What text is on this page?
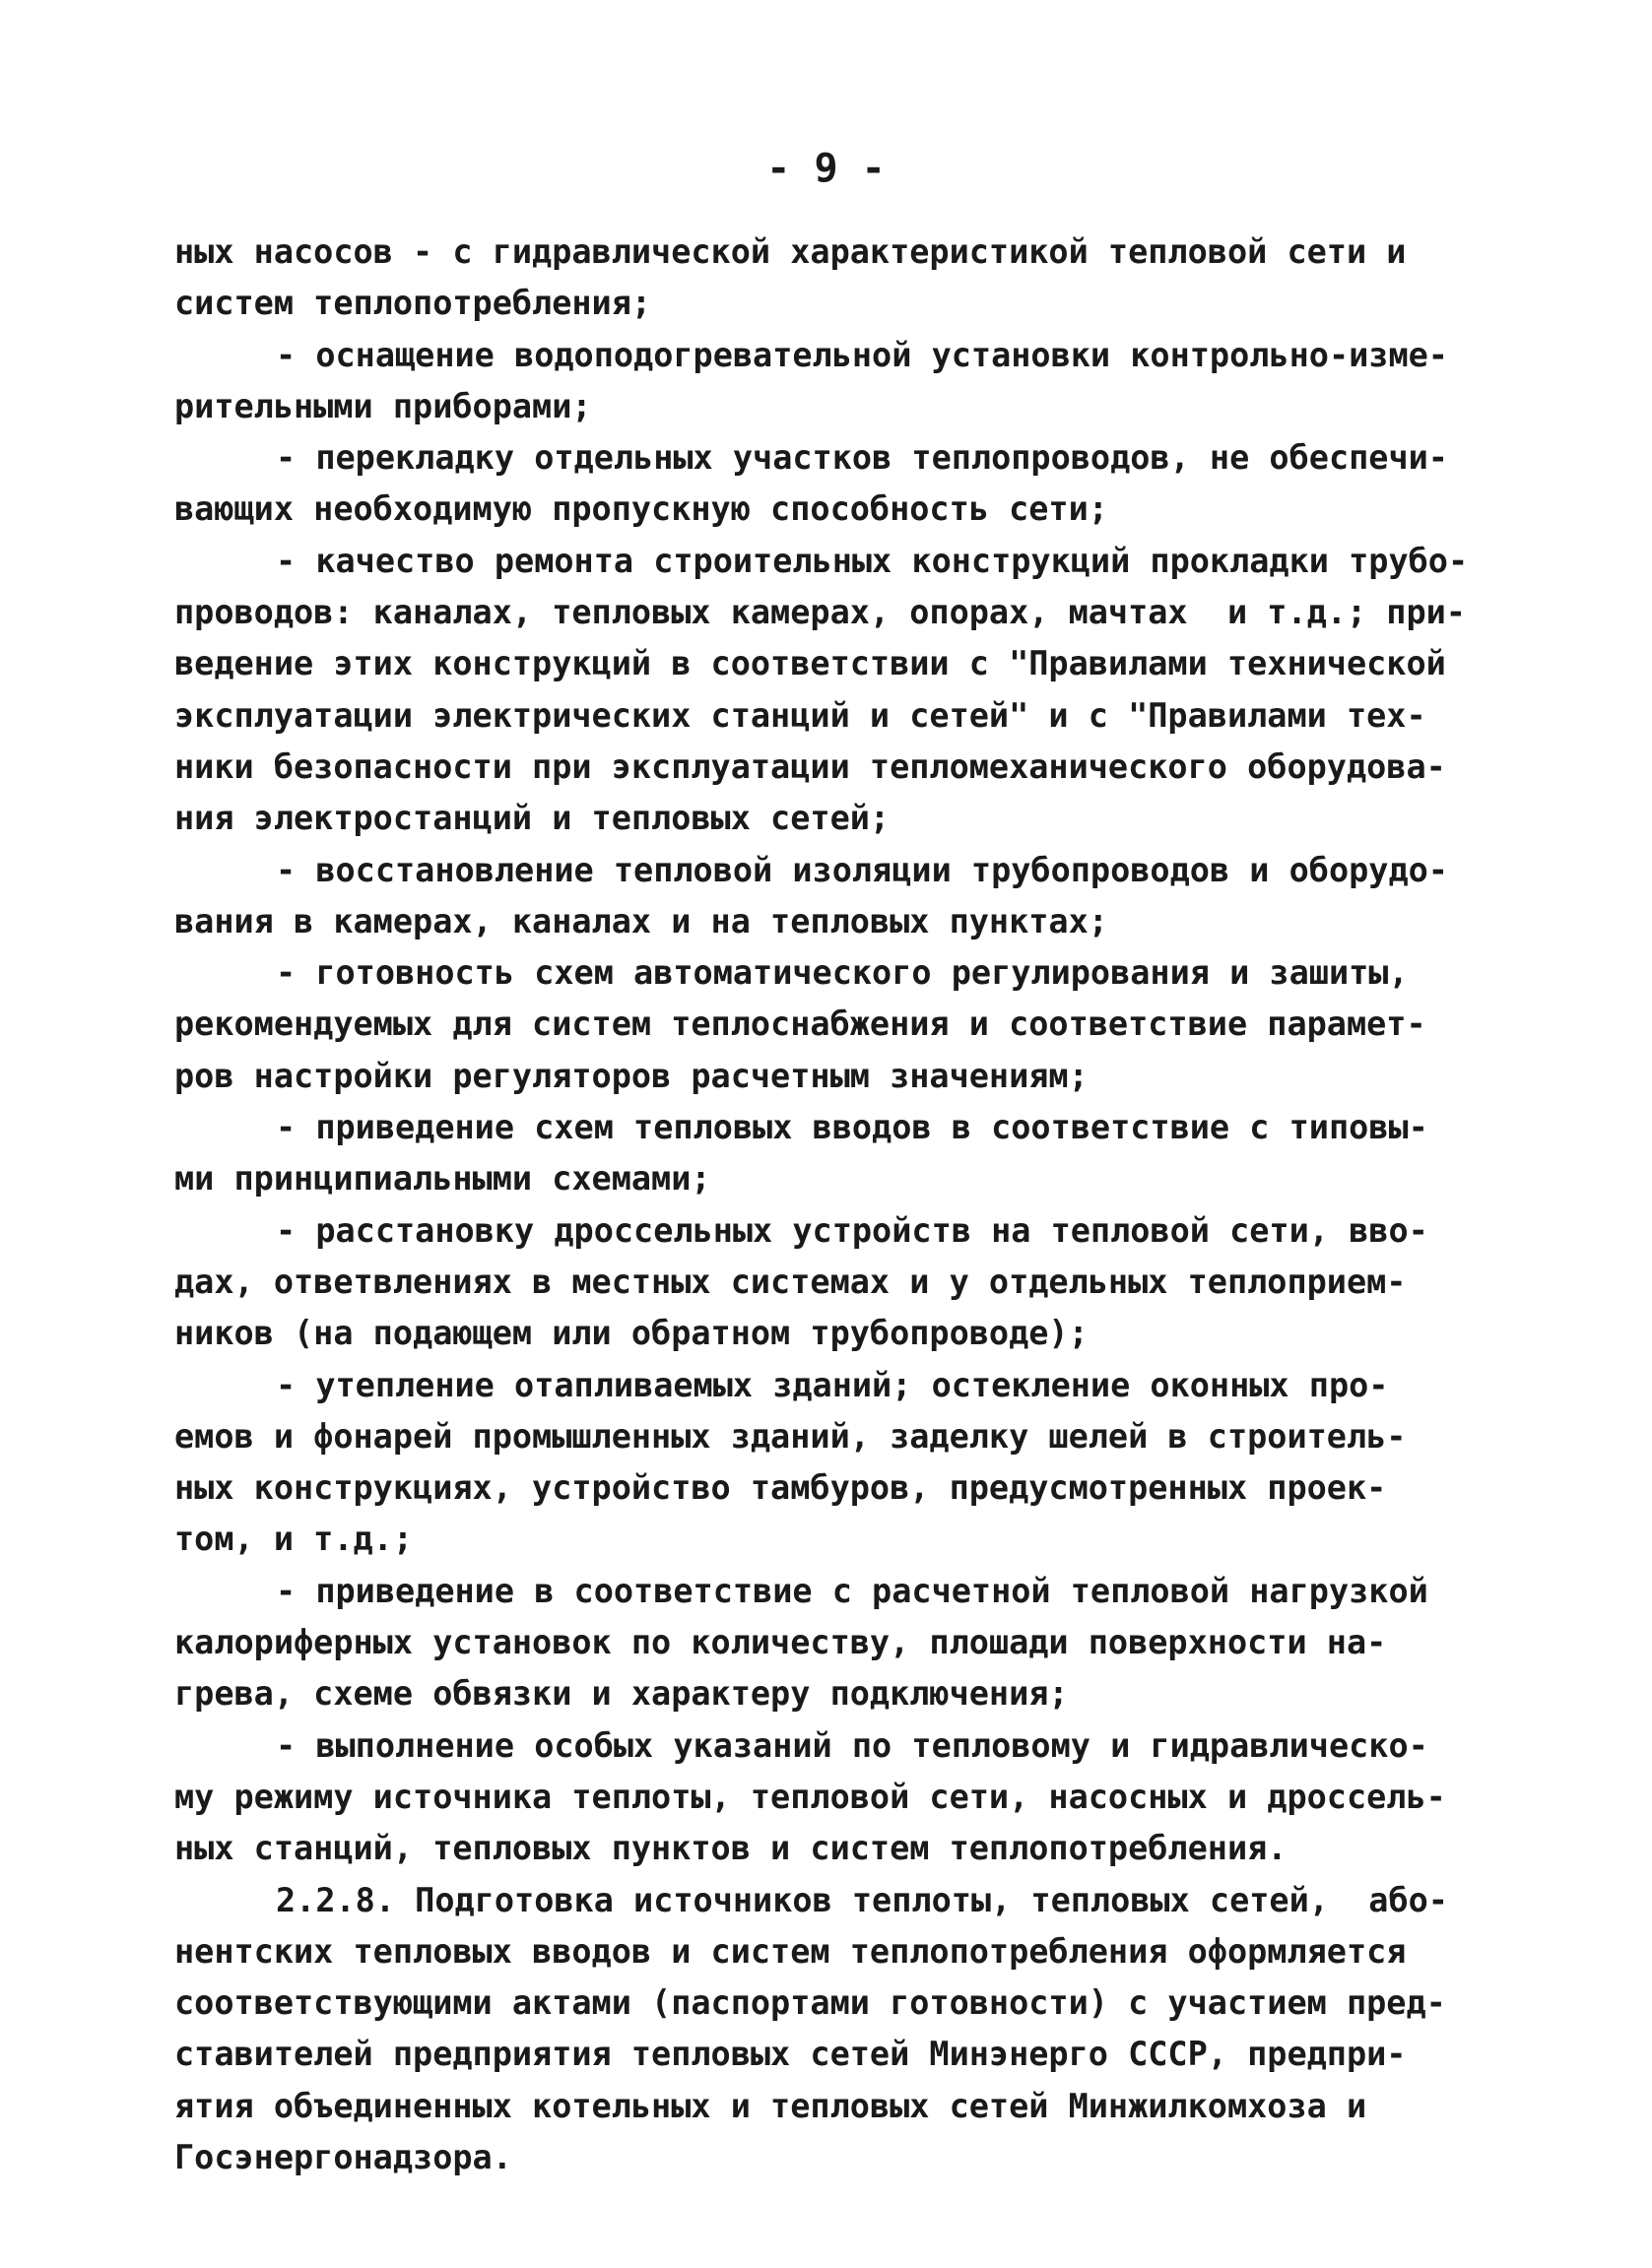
- 9 -
ных насосов - с гидравлической характеристикой тепловой сети и
систем теплопотребления;
- оснащение водоподогревательной установки контрольно-изме-
рительными приборами;
- перекладку отдельных участков теплопроводов, не обеспечи-
вающих необходимую пропускную способность сети;
- качество ремонта строительных конструкций прокладки трубо-
проводов: каналах, тепловых камерах, опорах, мачтах  и т.д.; при-
ведение этих конструкций в соответствии с "Правилами технической
эксплуатации электрических станций и сетей" и с "Правилами тех-
ники безопасности при эксплуатации тепломеханического оборудова-
ния электростанций и тепловых сетей;
- восстановление тепловой изоляции трубопроводов и оборудо-
вания в камерах, каналах и на тепловых пунктах;
- готовность схем автоматического регулирования и зашиты,
рекомендуемых для систем теплоснабжения и соответствие парамет-
ров настройки регуляторов расчетным значениям;
- приведение схем тепловых вводов в соответствие с типовы-
ми принципиальными схемами;
- расстановку дроссельных устройств на тепловой сети, вво-
дах, ответвлениях в местных системах и у отдельных теплоприем-
ников (на подающем или обратном трубопроводе);
- утепление отапливаемых зданий; остекление оконных про-
емов и фонарей промышленных зданий, заделку шелей в строитель-
ных конструкциях, устройство тамбуров, предусмотренных проек-
том, и т.д.;
- приведение в соответствие с расчетной тепловой нагрузкой
калориферных установок по количеству, плошади поверхности на-
грева, схеме обвязки и характеру подключения;
- выполнение особых указаний по тепловому и гидравлическо-
му режиму источника теплоты, тепловой сети, насосных и дроссель-
ных станций, тепловых пунктов и систем теплопотребления.
2.2.8. Подготовка источников теплоты, тепловых сетей,  або-
нентских тепловых вводов и систем теплопотребления оформляется
соответствующими актами (паспортами готовности) с участием пред-
ставителей предприятия тепловых сетей Минэнерго СССР, предпри-
ятия объединенных котельных и тепловых сетей Минжилкомхоза и
Госэнергонадзора.
